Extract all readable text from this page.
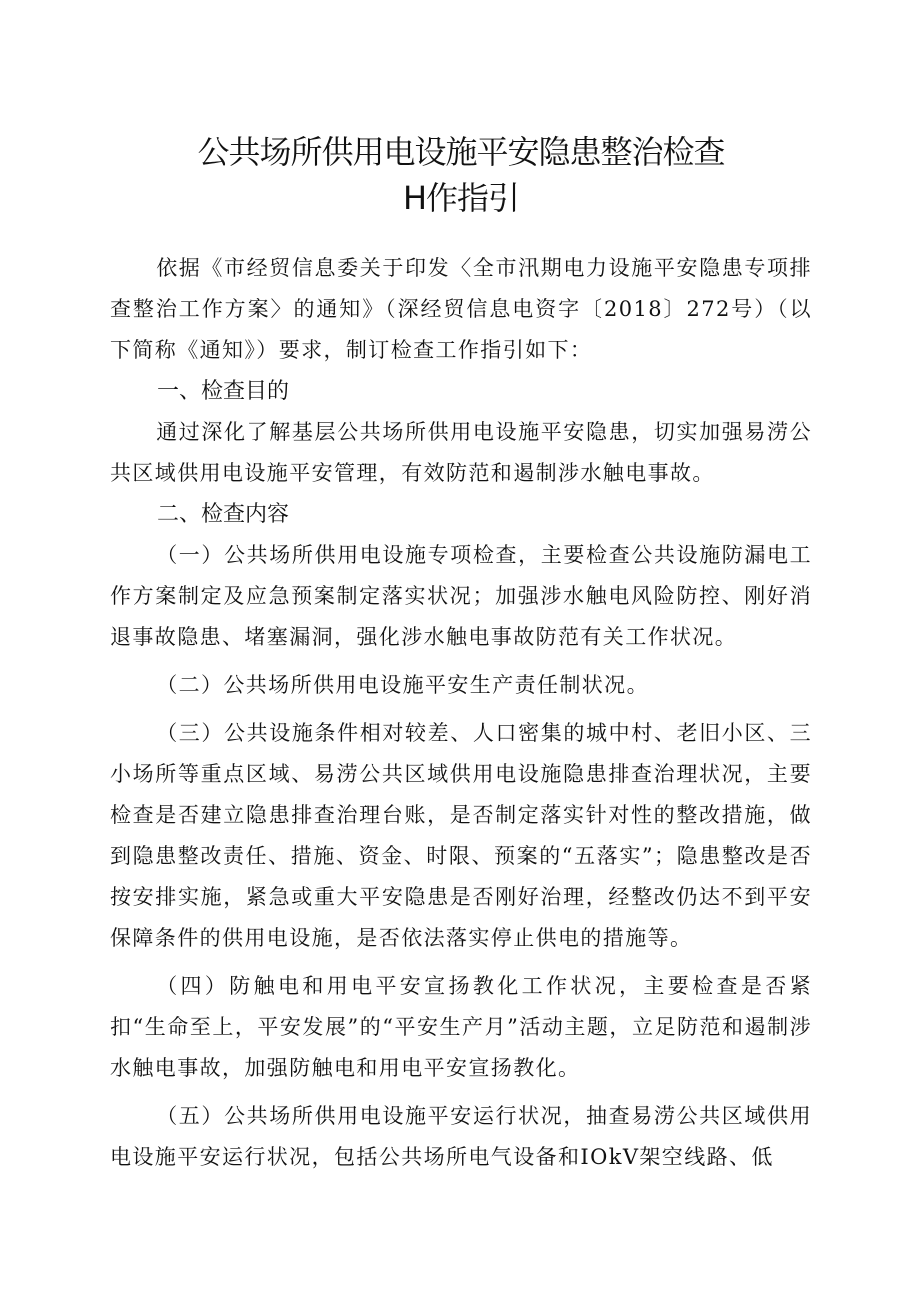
公共场所供用电设施平安隐患整治检查
H作指引

依据《市经贸信息委关于印发〈全市汛期电力设施平安隐患专项排查整治工作方案〉的通知》（深经贸信息电资字〔2018〕272号）（以下简称《通知》）要求，制订检查工作指引如下：

一、检查目的

通过深化了解基层公共场所供用电设施平安隐患，切实加强易涝公共区域供用电设施平安管理，有效防范和遏制涉水触电事故。

二、检查内容

（一）公共场所供用电设施专项检查，主要检查公共设施防漏电工作方案制定及应急预案制定落实状况；加强涉水触电风险防控、刚好消退事故隐患、堵塞漏洞，强化涉水触电事故防范有关工作状况。

（二）公共场所供用电设施平安生产责任制状况。

（三）公共设施条件相对较差、人口密集的城中村、老旧小区、三小场所等重点区域、易涝公共区域供用电设施隐患排查治理状况，主要检查是否建立隐患排查治理台账，是否制定落实针对性的整改措施，做到隐患整改责任、措施、资金、时限、预案的“五落实”；隐患整改是否按安排实施，紧急或重大平安隐患是否刚好治理，经整改仍达不到平安保障条件的供用电设施，是否依法落实停止供电的措施等。

（四）防触电和用电平安宣扬教化工作状况，主要检查是否紧扣“生命至上，平安发展”的“平安生产月”活动主题，立足防范和遏制涉水触电事故，加强防触电和用电平安宣扬教化。

（五）公共场所供用电设施平安运行状况，抽查易涝公共区域供用电设施平安运行状况，包括公共场所电气设备和IOkV架空线路、低
